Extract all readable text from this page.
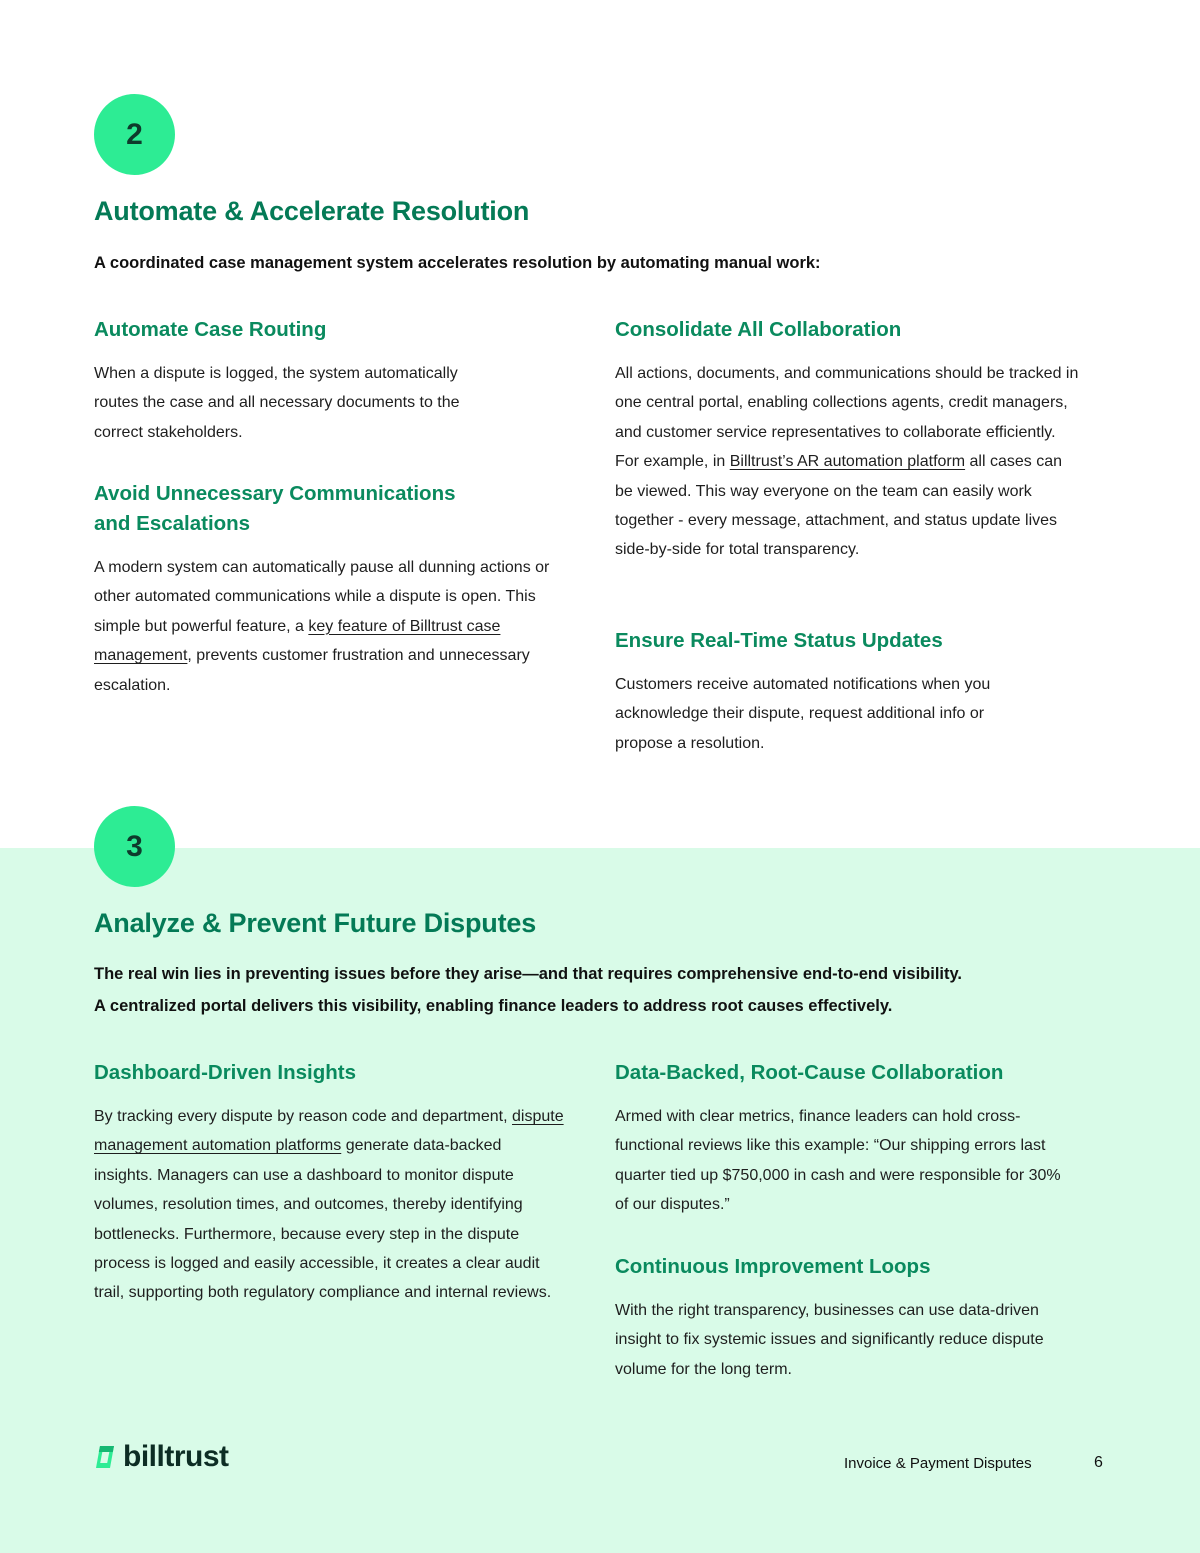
2
Automate & Accelerate Resolution

A coordinated case management system accelerates resolution by automating manual work:

Automate Case Routing

When a dispute is logged, the system automatically routes the case and all necessary documents to the correct stakeholders.

Avoid Unnecessary Communications and Escalations

A modern system can automatically pause all dunning actions or other automated communications while a dispute is open. This simple but powerful feature, a key feature of Billtrust case management, prevents customer frustration and unnecessary escalation.

Consolidate All Collaboration

All actions, documents, and communications should be tracked in one central portal, enabling collections agents, credit managers, and customer service representatives to collaborate efficiently. For example, in Billtrust’s AR automation platform all cases can be viewed. This way everyone on the team can easily work together - every message, attachment, and status update lives side-by-side for total transparency.

Ensure Real-Time Status Updates

Customers receive automated notifications when you acknowledge their dispute, request additional info or propose a resolution.

3
Analyze & Prevent Future Disputes
The real win lies in preventing issues before they arise—and that requires comprehensive end-to-end visibility.
A centralized portal delivers this visibility, enabling finance leaders to address root causes effectively.
Dashboard-Driven Insights

By tracking every dispute by reason code and department, dispute management automation platforms generate data-backed insights. Managers can use a dashboard to monitor dispute volumes, resolution times, and outcomes, thereby identifying bottlenecks. Furthermore, because every step in the dispute process is logged and easily accessible, it creates a clear audit trail, supporting both regulatory compliance and internal reviews.

Data-Backed, Root-Cause Collaboration

Armed with clear metrics, finance leaders can hold cross-functional reviews like this example: “Our shipping errors last quarter tied up $750,000 in cash and were responsible for 30% of our disputes.”

Continuous Improvement Loops

With the right transparency, businesses can use data-driven insight to fix systemic issues and significantly reduce dispute volume for the long term.

billtrust	Invoice & Payment Disputes	6
